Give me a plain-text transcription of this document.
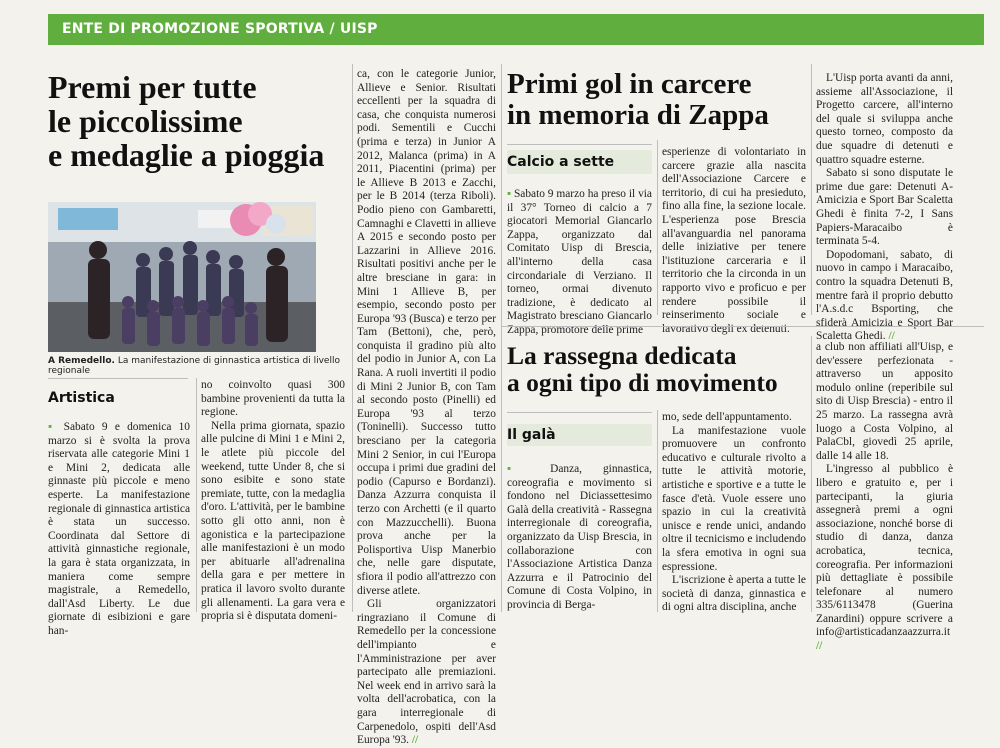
ENTE DI PROMOZIONE SPORTIVA / UISP
Premi per tutte
le piccolissime
e medaglie a pioggia
A Remedello. La manifestazione di ginnastica artistica di livello regionale
Artistica

▪ Sabato 9 e domenica 10 marzo si è svolta la prova riservata alle categorie Mini 1 e Mini 2, dedicata alle ginnaste più piccole e meno esperte. La manifestazione regionale di ginnastica artistica è stata un successo. Coordinata dal Settore di attività ginnastiche regionale, la gara è stata organizzata, in maniera come sempre magistrale, a Remedello, dall'Asd Liberty. Le due giornate di esibizioni e gare han-

no coinvolto quasi 300 bambine provenienti da tutta la regione.

Nella prima giornata, spazio alle pulcine di Mini 1 e Mini 2, le atlete più piccole del weekend, tutte Under 8, che si sono esibite e sono state premiate, tutte, con la medaglia d'oro. L'attività, per le bambine sotto gli otto anni, non è agonistica e la partecipazione alle manifestazioni è un modo per abituarle all'adrenalina della gara e per mettere in pratica il lavoro svolto durante gli allenamenti. La gara vera e propria si è disputata domeni-

ca, con le categorie Junior, Allieve e Senior. Risultati eccellenti per la squadra di casa, che conquista numerosi podi. Sementili e Cucchi (prima e terza) in Junior A 2012, Malanca (prima) in A 2011, Piacentini (prima) per le Allieve B 2013 e Zacchi, per le B 2014 (terza Riboli). Podio pieno con Gambaretti, Camnaghi e Clavetti in allieve A 2015 e secondo posto per Lazzarini in Allieve 2016. Risultati positivi anche per le altre bresciane in gara: in Mini 1 Allieve B, per esempio, secondo posto per Europa '93 (Busca) e terzo per Tam (Bettoni), che, però, conquista il gradino più alto del podio in Junior A, con La Rana. A ruoli invertiti il podio di Mini 2 Junior B, con Tam al secondo posto (Pinelli) ed Europa '93 al terzo (Toninelli). Successo tutto bresciano per la categoria Mini 2 Senior, in cui l'Europa occupa i primi due gradini del podio (Capurso e Bordanzi). Danza Azzurra conquista il terzo con Archetti (e il quarto con Mazzucchelli). Buona prova anche per la Polisportiva Uisp Manerbio che, nelle gare disputate, sfiora il podio all'attrezzo con diverse atlete.

Gli organizzatori ringraziano il Comune di Remedello per la concessione dell'impianto e l'Amministrazione per aver partecipato alle premiazioni. Nel week end in arrivo sarà la volta dell'acrobatica, con la gara interregionale di Carpenedolo, ospiti dell'Asd Europa '93. //

Primi gol in carcere
in memoria di Zappa
Calcio a sette

▪ Sabato 9 marzo ha preso il via il 37° Torneo di calcio a 7 giocatori Memorial Giancarlo Zappa, organizzato dal Comitato Uisp di Brescia, all'interno della casa circondariale di Verziano. Il torneo, ormai divenuto tradizione, è dedicato al Magistrato bresciano Giancarlo Zappa, promotore delle prime

esperienze di volontariato in carcere grazie alla nascita dell'Associazione Carcere e territorio, di cui ha presieduto, fino alla fine, la sezione locale. L'esperienza pose Brescia all'avanguardia nel panorama delle iniziative per tenere l'istituzione carceraria e il territorio che la circonda in un rapporto vivo e proficuo e per rendere possibile il reinserimento sociale e lavorativo degli ex detenuti.

L'Uisp porta avanti da anni, assieme all'Associazione, il Progetto carcere, all'interno del quale si sviluppa anche questo torneo, composto da due squadre di detenuti e quattro squadre esterne.

Sabato si sono disputate le prime due gare: Detenuti A-Amicizia e Sport Bar Scaletta Ghedi è finita 7-2, I Sans Papiers-Maracaibo è terminata 5-4.

Dopodomani, sabato, di nuovo in campo i Maracaibo, contro la squadra Detenuti B, mentre farà il proprio debutto l'A.s.d.c Bsporting, che sfiderà Amicizia e Sport Bar Scaletta Ghedi. //

La rassegna dedicata
a ogni tipo di movimento
Il galà

▪ Danza, ginnastica, coreografia e movimento si fondono nel Diciassettesimo Galà della creatività - Rassegna interregionale di coreografia, organizzato da Uisp Brescia, in collaborazione con l'Associazione Artistica Danza Azzurra e il Patrocinio del Comune di Costa Volpino, in provincia di Berga-

mo, sede dell'appuntamento.

La manifestazione vuole promuovere un confronto educativo e culturale rivolto a tutte le attività motorie, artistiche e sportive e a tutte le fasce d'età. Vuole essere uno spazio in cui la creatività unisce e rende unici, andando oltre il tecnicismo e includendo la sfera emotiva in ogni sua espressione.

L'iscrizione è aperta a tutte le società di danza, ginnastica e di ogni altra disciplina, anche

a club non affiliati all'Uisp, e dev'essere perfezionata - attraverso un apposito modulo online (reperibile sul sito di Uisp Brescia) - entro il 25 marzo. La rassegna avrà luogo a Costa Volpino, al PalaCbl, giovedì 25 aprile, dalle 14 alle 18.

L'ingresso al pubblico è libero e gratuito e, per i partecipanti, la giuria assegnerà premi a ogni associazione, nonché borse di studio di danza, danza acrobatica, tecnica, coreografia. Per informazioni più dettagliate è possibile telefonare al numero 335/6113478 (Guerina Zanardini) oppure scrivere a info@artisticadanzaazzurra.it //
